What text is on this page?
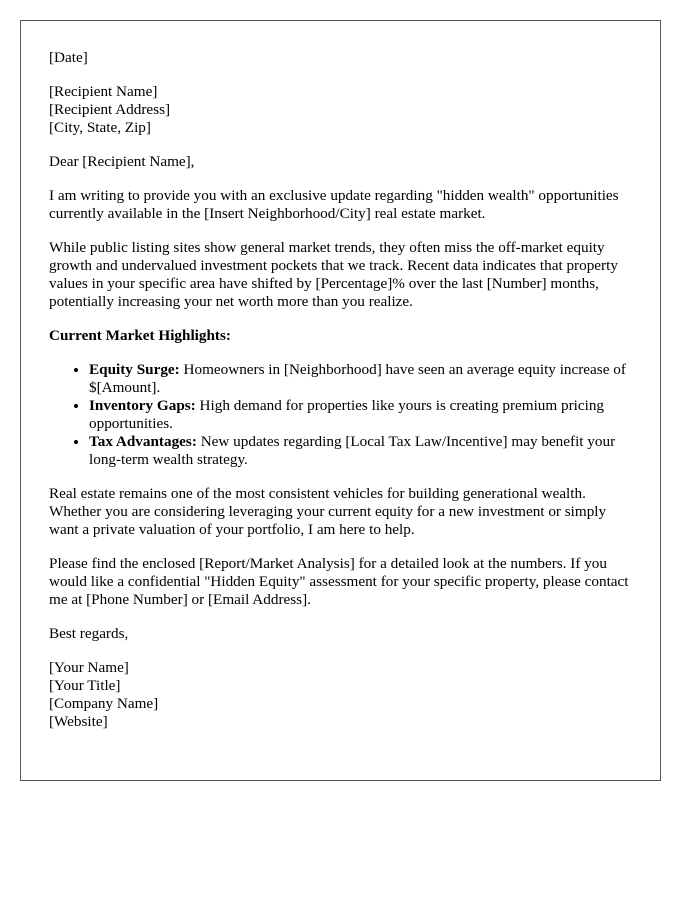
[Date]

[Recipient Name]
[Recipient Address]
[City, State, Zip]

Dear [Recipient Name],

I am writing to provide you with an exclusive update regarding "hidden wealth" opportunities currently available in the [Insert Neighborhood/City] real estate market.

While public listing sites show general market trends, they often miss the off-market equity growth and undervalued investment pockets that we track. Recent data indicates that property values in your specific area have shifted by [Percentage]% over the last [Number] months, potentially increasing your net worth more than you realize.

Current Market Highlights:

• Equity Surge: Homeowners in [Neighborhood] have seen an average equity increase of $[Amount].
• Inventory Gaps: High demand for properties like yours is creating premium pricing opportunities.
• Tax Advantages: New updates regarding [Local Tax Law/Incentive] may benefit your long-term wealth strategy.

Real estate remains one of the most consistent vehicles for building generational wealth. Whether you are considering leveraging your current equity for a new investment or simply want a private valuation of your portfolio, I am here to help.

Please find the enclosed [Report/Market Analysis] for a detailed look at the numbers. If you would like a confidential "Hidden Equity" assessment for your specific property, please contact me at [Phone Number] or [Email Address].

Best regards,

[Your Name]
[Your Title]
[Company Name]
[Website]
